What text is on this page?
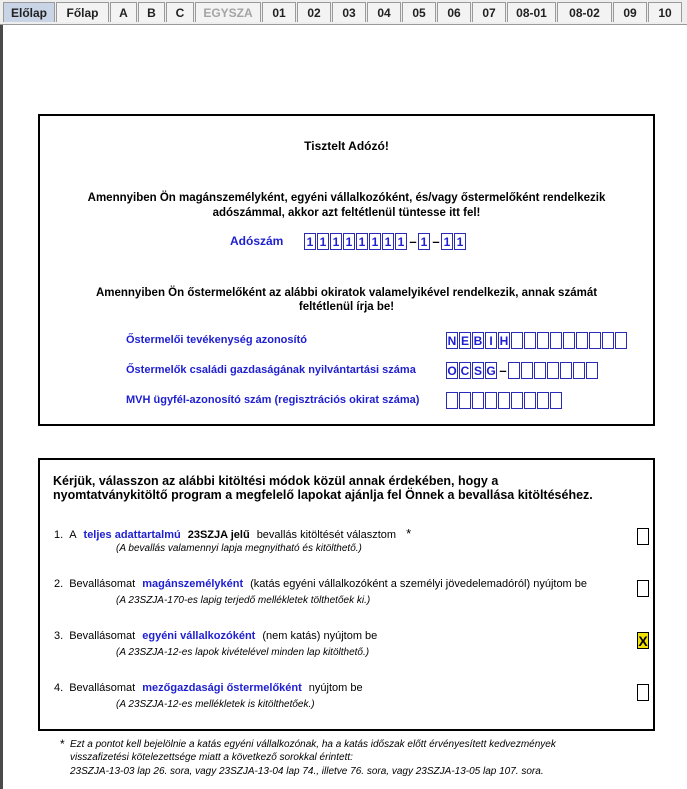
Előlap	Főlap	A	B	C	EGYSZA	01	02	03	04	05	06	07	08-01	08-02	09	10
Tisztelt Adózó!
Amennyiben Ön magánszemélyként, egyéni vállalkozóként, és/vagy őstermelőként rendelkezik
adószámmal, akkor azt feltétlenül tüntesse itt fel!
Adószám 1 1 1 1 1 1 1 1 – 1 – 1 1
Amennyiben Ön őstermelőként az alábbi okiratok valamelyikével rendelkezik, annak számát
feltétlenül írja be!
Őstermelői tevékenység azonosító	N E B I H
Őstermelők családi gazdaságának nyilvántartási száma	O C S G –
MVH ügyfél-azonosító szám (regisztrációs okirat száma)
Kérjük, válasszon az alábbi kitöltési módok közül annak érdekében, hogy a
nyomtatványkitöltő program a megfelelő lapokat ajánlja fel Önnek a bevallása kitöltéséhez.
1. A teljes adattartalmú 23SZJA jelű bevallás kitöltését választom *
(A bevallás valamennyi lapja megnyitható és kitölthető.)
2. Bevallásomat magánszemélyként (katás egyéni vállalkozóként a személyi jövedelemadóról) nyújtom be
(A 23SZJA-170-es lapig terjedő mellékletek tölthetőek ki.)
3. Bevallásomat egyéni vállalkozóként (nem katás) nyújtom be
(A 23SZJA-12-es lapok kivételével minden lap kitölthető.)
X
4. Bevallásomat mezőgazdasági őstermelőként nyújtom be
(A 23SZJA-12-es mellékletek is kitölthetőek.)
* Ezt a pontot kell bejelölnie a katás egyéni vállalkozónak, ha a katás időszak előtt érvényesített kedvezmények
visszafizetési kötelezettsége miatt a következő sorokkal érintett:
23SZJA-13-03 lap 26. sora, vagy 23SZJA-13-04 lap 74., illetve 76. sora, vagy 23SZJA-13-05 lap 107. sora.
